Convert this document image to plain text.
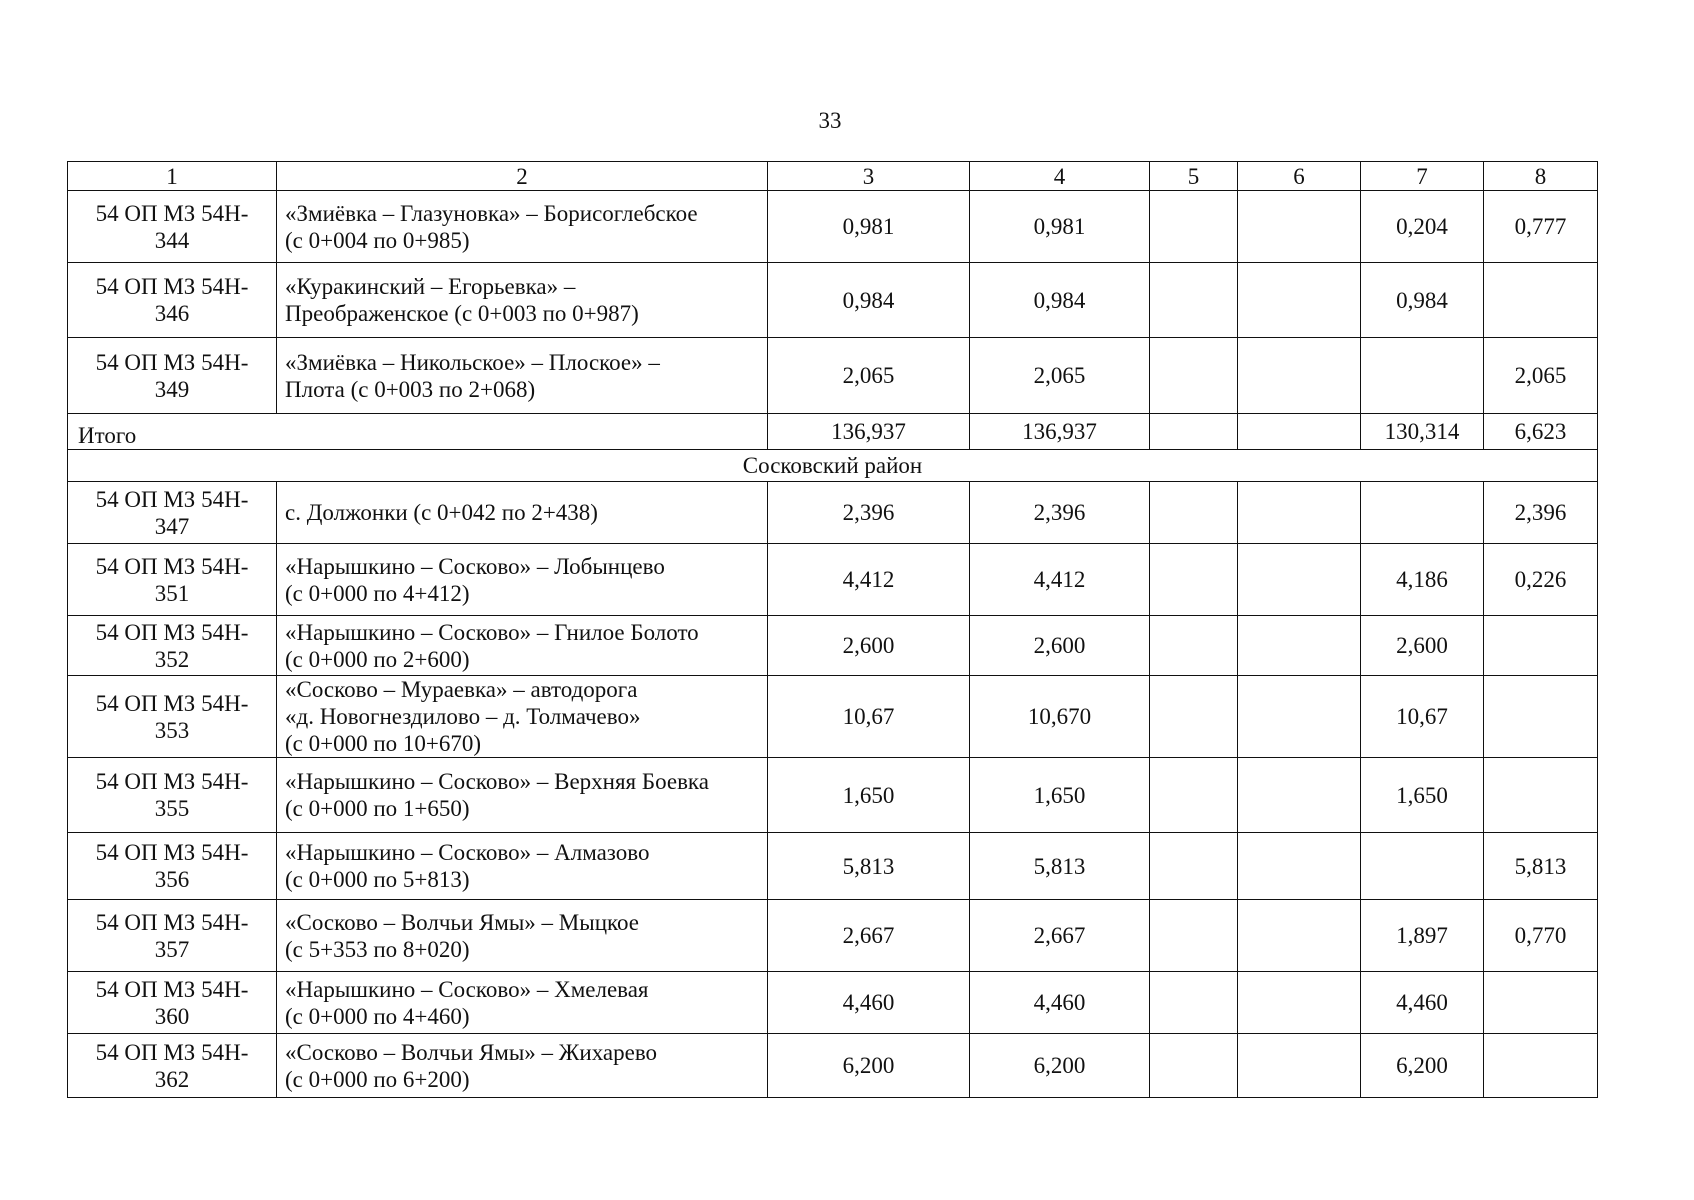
33
1	2	3	4	5	6	7	8
54 ОП МЗ 54Н- 344	«Змиёвка – Глазуновка» – Борисоглебское
(с 0+004 по 0+985)	0,981	0,981			0,204	0,777
54 ОП МЗ 54Н- 346	«Куракинский – Егорьевка» –
Преображенское (с 0+003 по 0+987)	0,984	0,984			0,984	
54 ОП МЗ 54Н- 349	«Змиёвка – Никольское» – Плоское» –
Плота (с 0+003 по 2+068)	2,065	2,065				2,065
Итого		136,937	136,937			130,314	6,623
Сосковский район							
54 ОП МЗ 54Н- 347	с. Должонки (с 0+042 по 2+438)	2,396	2,396				2,396
54 ОП МЗ 54Н- 351	«Нарышкино – Сосково» – Лобынцево
(с 0+000 по 4+412)	4,412	4,412			4,186	0,226
54 ОП МЗ 54Н- 352	«Нарышкино – Сосково» – Гнилое Болото
(с 0+000 по 2+600)	2,600	2,600			2,600	
54 ОП МЗ 54Н- 353	«Сосково – Мураевка» – автодорога
«д. Новогнездилово – д. Толмачево»
(с 0+000 по 10+670)	10,67	10,670			10,67	
54 ОП МЗ 54Н- 355	«Нарышкино – Сосково» – Верхняя Боевка
(с 0+000 по 1+650)	1,650	1,650			1,650	
54 ОП МЗ 54Н- 356	«Нарышкино – Сосково» – Алмазово
(с 0+000 по 5+813)	5,813	5,813				5,813
54 ОП МЗ 54Н- 357	«Сосково – Волчьи Ямы» – Мыцкое
(с 5+353 по 8+020)	2,667	2,667			1,897	0,770
54 ОП МЗ 54Н- 360	«Нарышкино – Сосково» – Хмелевая
(с 0+000 по 4+460)	4,460	4,460			4,460	
54 ОП МЗ 54Н- 362	«Сосково – Волчьи Ямы» – Жихарево
(с 0+000 по 6+200)	6,200	6,200			6,200	
